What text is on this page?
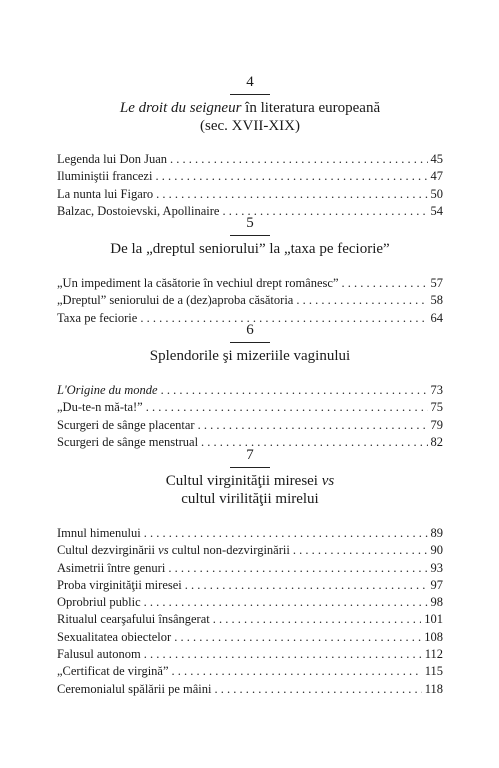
4
Le droit du seigneur în literatura europeană
(sec. XVII-XIX)
Legenda lui Don Juan . . .	45
Iluminiştii francezi . . .	47
La nunta lui Figaro . . .	50
Balzac, Dostoievski, Apollinaire . . .	54
5
De la „dreptul seniorului” la „taxa pe feciorie”
„Un impediment la căsătorie în vechiul drept românesc” . . .	57
„Dreptul” seniorului de a (dez)aproba căsătoria . . .	58
Taxa pe feciorie . . .	64
6
Splendorile şi mizeriile vaginului
L'Origine du monde . . .	73
„Du-te-n mă-ta!” . . .	75
Scurgeri de sânge placentar . . .	79
Scurgeri de sânge menstrual . . .	82
7
Cultul virginităţii miresei vs
cultul virilităţii mirelui
Imnul himenului . . .	89
Cultul dezvirginării vs cultul non-dezvirginării . . .	90
Asimetrii între genuri . . .	93
Proba virginităţii miresei . . .	97
Oprobriul public . . .	98
Ritualul cearşafului însângerat . . .	101
Sexualitatea obiectelor . . .	108
Falusul autonom . . .	112
„Certificat de virgină” . . .	115
Ceremonialul spălării pe mâini . . .	118
